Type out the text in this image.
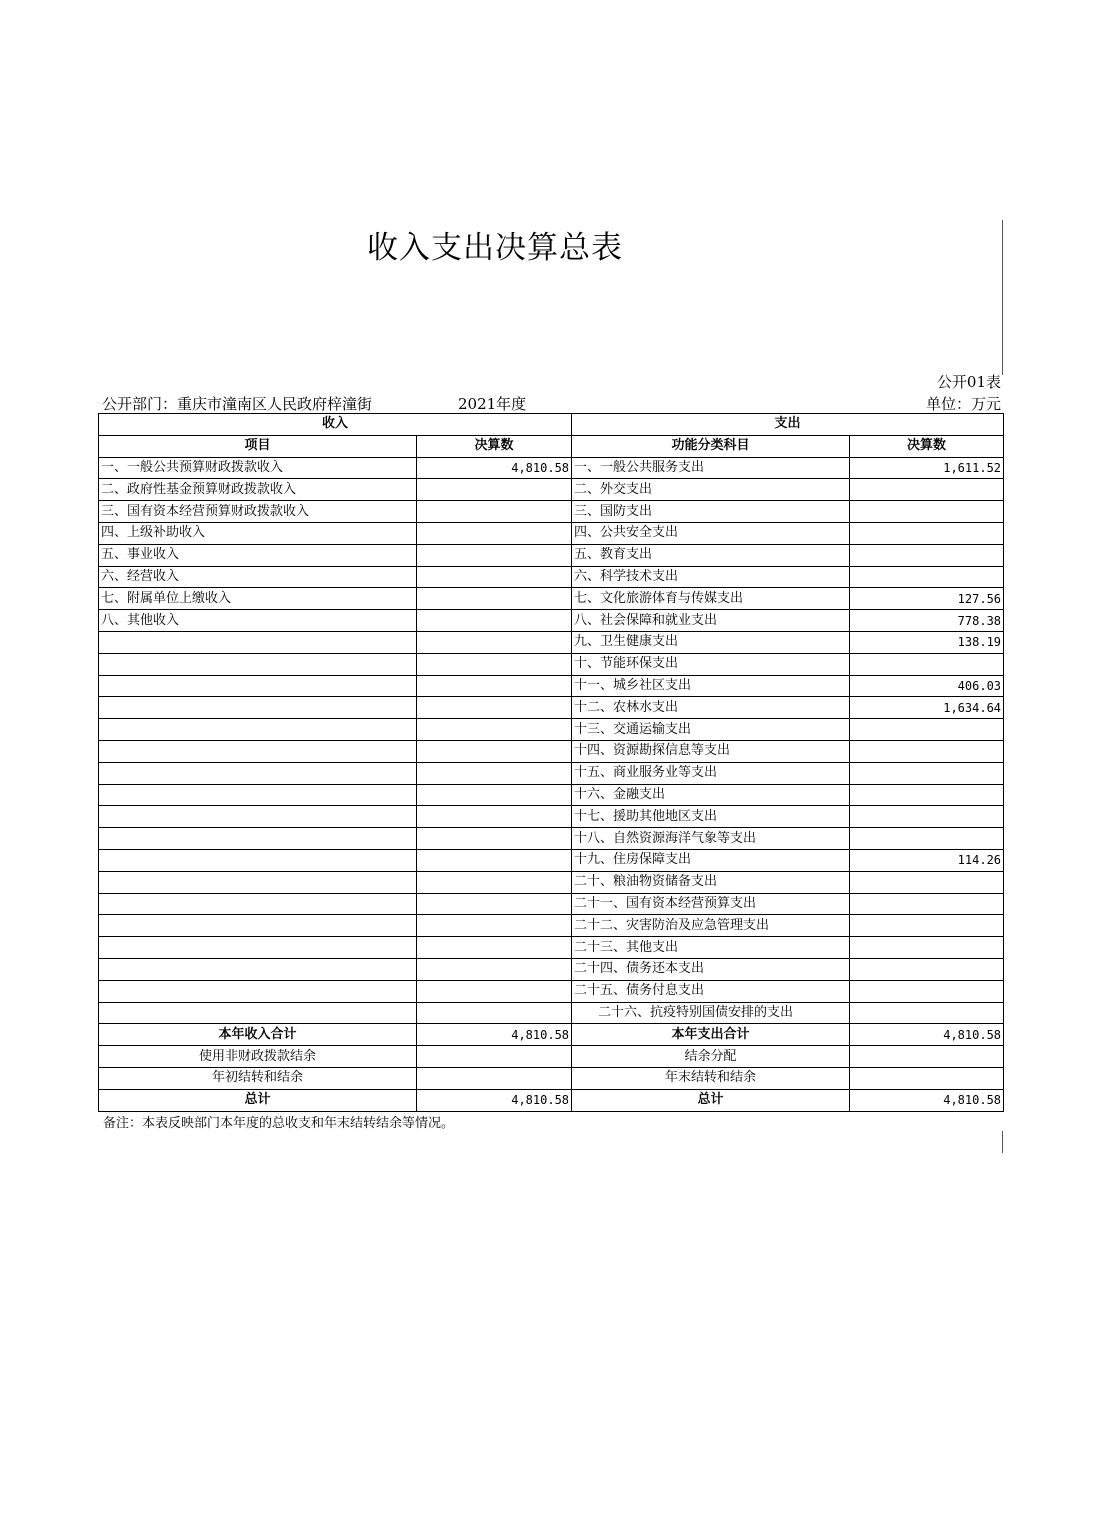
收入支出决算总表
公开01表
公开部门：重庆市潼南区人民政府梓潼街	2021年度	单位：万元
收入		支出	
项目	决算数	功能分类科目	决算数
一、一般公共预算财政拨款收入	4,810.58	一、一般公共服务支出	1,611.52
二、政府性基金预算财政拨款收入		二、外交支出	
三、国有资本经营预算财政拨款收入		三、国防支出	
四、上级补助收入		四、公共安全支出	
五、事业收入		五、教育支出	
六、经营收入		六、科学技术支出	
七、附属单位上缴收入		七、文化旅游体育与传媒支出	127.56
八、其他收入		八、社会保障和就业支出	778.38
		九、卫生健康支出	138.19
		十、节能环保支出	
		十一、城乡社区支出	406.03
		十二、农林水支出	1,634.64
		十三、交通运输支出	
		十四、资源勘探信息等支出	
		十五、商业服务业等支出	
		十六、金融支出	
		十七、援助其他地区支出	
		十八、自然资源海洋气象等支出	
		十九、住房保障支出	114.26
		二十、粮油物资储备支出	
		二十一、国有资本经营预算支出	
		二十二、灾害防治及应急管理支出	
		二十三、其他支出	
		二十四、债务还本支出	
		二十五、债务付息支出	
		二十六、抗疫特别国债安排的支出	
本年收入合计	4,810.58	本年支出合计	4,810.58
使用非财政拨款结余		结余分配	
年初结转和结余		年末结转和结余	
总计	4,810.58	总计	4,810.58
备注：本表反映部门本年度的总收支和年末结转结余等情况。
